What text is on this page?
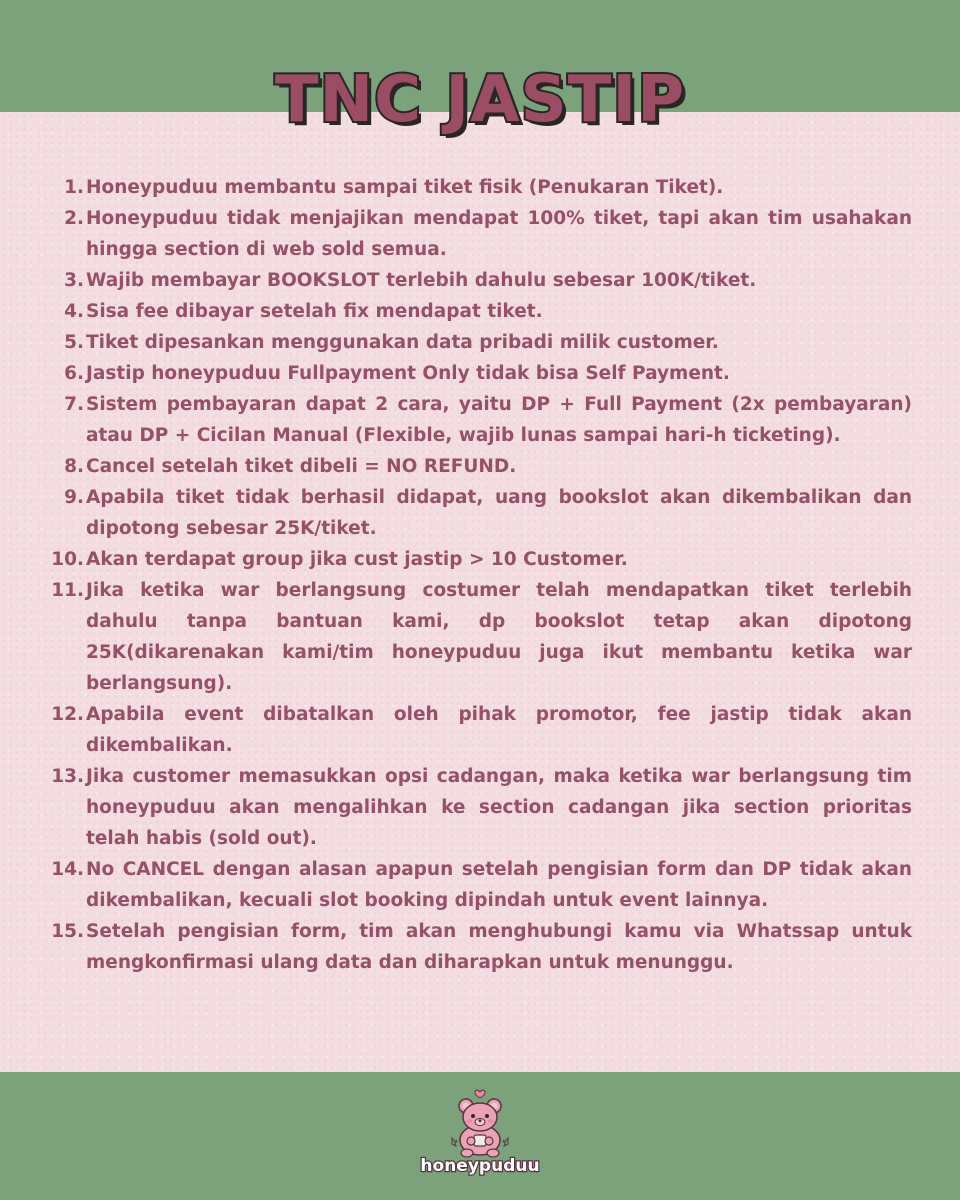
TNC JASTIP
1. Honeypuduu membantu sampai tiket fisik (Penukaran Tiket).
2. Honeypuduu tidak menjajikan mendapat 100% tiket, tapi akan tim usahakan hingga section di web sold semua.
3. Wajib membayar BOOKSLOT terlebih dahulu sebesar 100K/tiket.
4. Sisa fee dibayar setelah fix mendapat tiket.
5. Tiket dipesankan menggunakan data pribadi milik customer.
6. Jastip honeypuduu Fullpayment Only tidak bisa Self Payment.
7. Sistem pembayaran dapat 2 cara, yaitu DP + Full Payment (2x pembayaran) atau DP + Cicilan Manual (Flexible, wajib lunas sampai hari-h ticketing).
8. Cancel setelah tiket dibeli = NO REFUND.
9. Apabila tiket tidak berhasil didapat, uang bookslot akan dikembalikan dan dipotong sebesar 25K/tiket.
10. Akan terdapat group jika cust jastip > 10 Customer.
11. Jika ketika war berlangsung costumer telah mendapatkan tiket terlebih dahulu tanpa bantuan kami, dp bookslot tetap akan dipotong 25K(dikarenakan kami/tim honeypuduu juga ikut membantu ketika war berlangsung).
12. Apabila event dibatalkan oleh pihak promotor, fee jastip tidak akan dikembalikan.
13. Jika customer memasukkan opsi cadangan, maka ketika war berlangsung tim honeypuduu akan mengalihkan ke section cadangan jika section prioritas telah habis (sold out).
14. No CANCEL dengan alasan apapun setelah pengisian form dan DP tidak akan dikembalikan, kecuali slot booking dipindah untuk event lainnya.
15. Setelah pengisian form, tim akan menghubungi kamu via Whatssap untuk mengkonfirmasi ulang data dan diharapkan untuk menunggu.
honeypuduu
